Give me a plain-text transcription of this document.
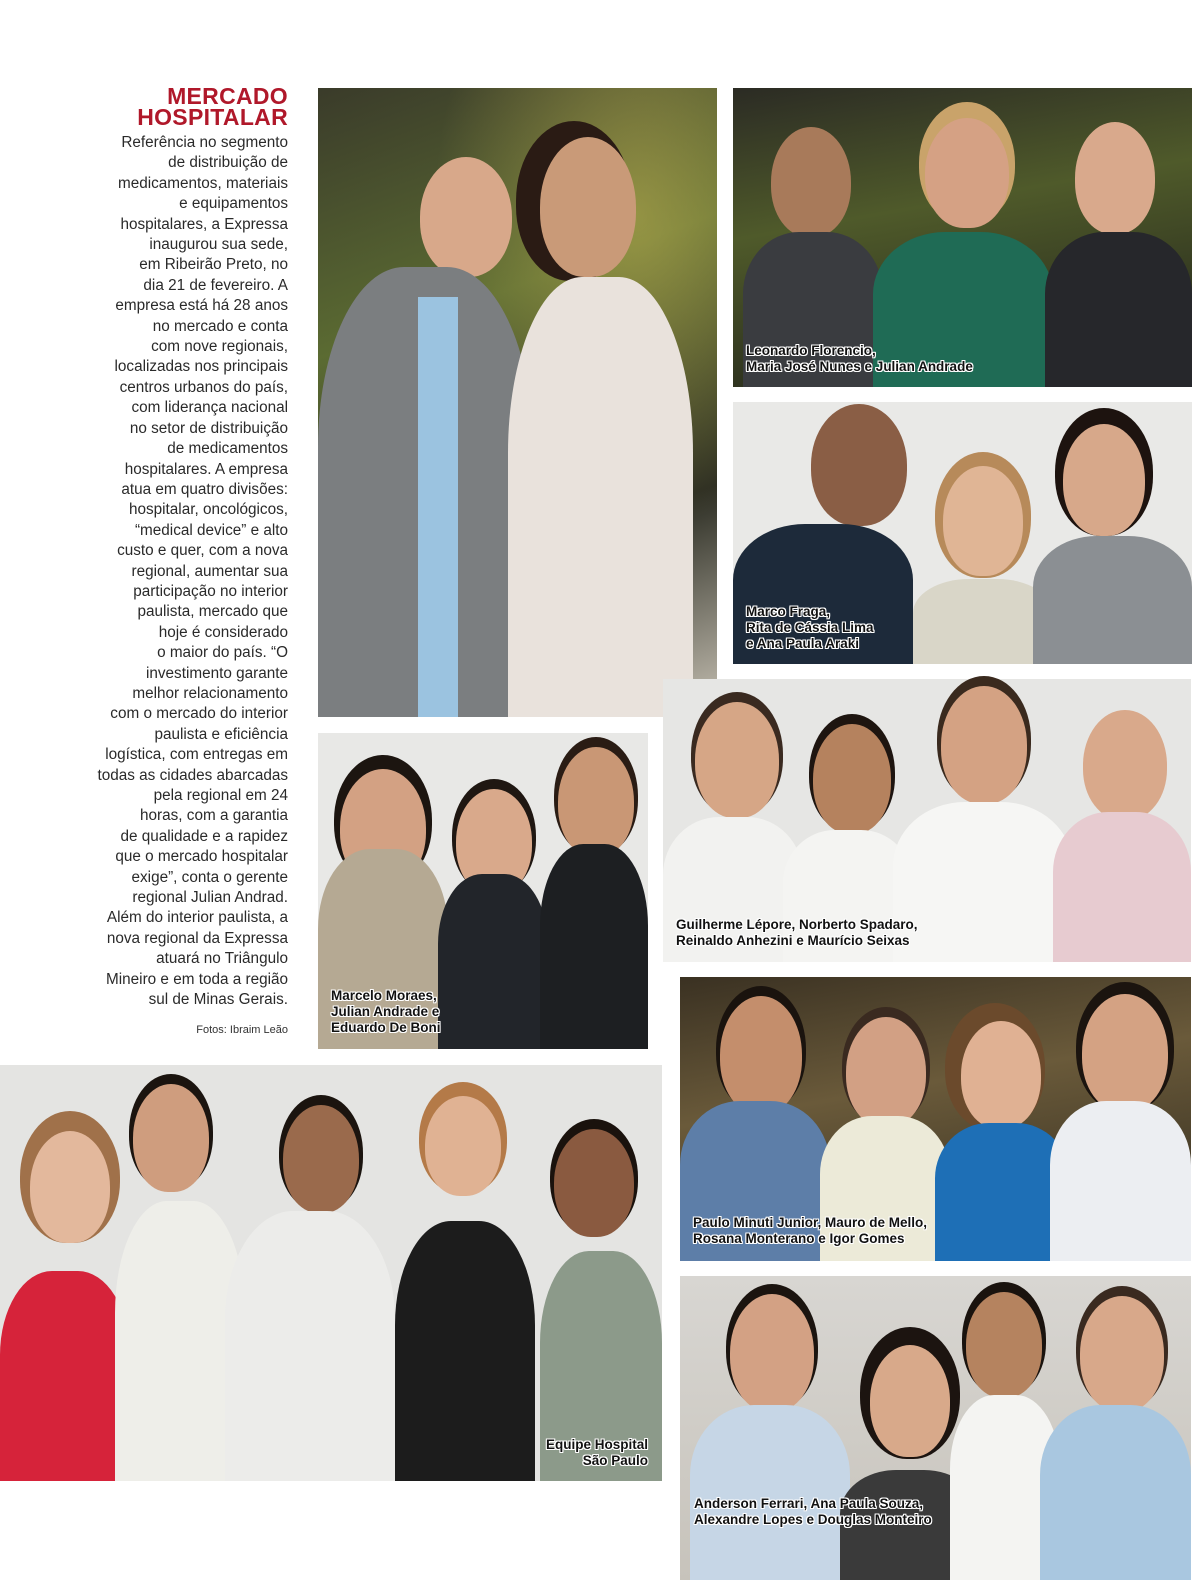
MERCADO
HOSPITALAR
Referência no segmento
de distribuição de
medicamentos, materiais
e equipamentos
hospitalares, a Expressa
inaugurou sua sede,
em Ribeirão Preto, no
dia 21 de fevereiro. A
empresa está há 28 anos
no mercado e conta
com nove regionais,
localizadas nos principais
centros urbanos do país,
com liderança nacional
no setor de distribuição
de medicamentos
hospitalares. A empresa
atua em quatro divisões:
hospitalar, oncológicos,
“medical device” e alto
custo e quer, com a nova
regional, aumentar sua
participação no interior
paulista, mercado que
hoje é considerado
o maior do país. “O
investimento garante
melhor relacionamento
com o mercado do interior
paulista e eficiência
logística, com entregas em
todas as cidades abarcadas
pela regional em 24
horas, com a garantia
de qualidade e a rapidez
que o mercado hospitalar
exige”, conta o gerente
regional Julian Andrad.
Além do interior paulista, a
nova regional da Expressa
atuará no Triângulo
Mineiro e em toda a região
sul de Minas Gerais.
Fotos: Ibraim Leão
Leonardo Florencio,
Maria José Nunes e Julian Andrade
Marco Fraga,
Rita de Cássia Lima
e Ana Paula Araki
Guilherme Lépore, Norberto Spadaro,
Reinaldo Anhezini e Maurício Seixas
Marcelo Moraes,
Julian Andrade e
Eduardo De Boni
Paulo Minuti Junior, Mauro de Mello,
Rosana Monterano e Igor Gomes
Equipe Hospital
São Paulo
Anderson Ferrari, Ana Paula Souza,
Alexandre Lopes e Douglas Monteiro
